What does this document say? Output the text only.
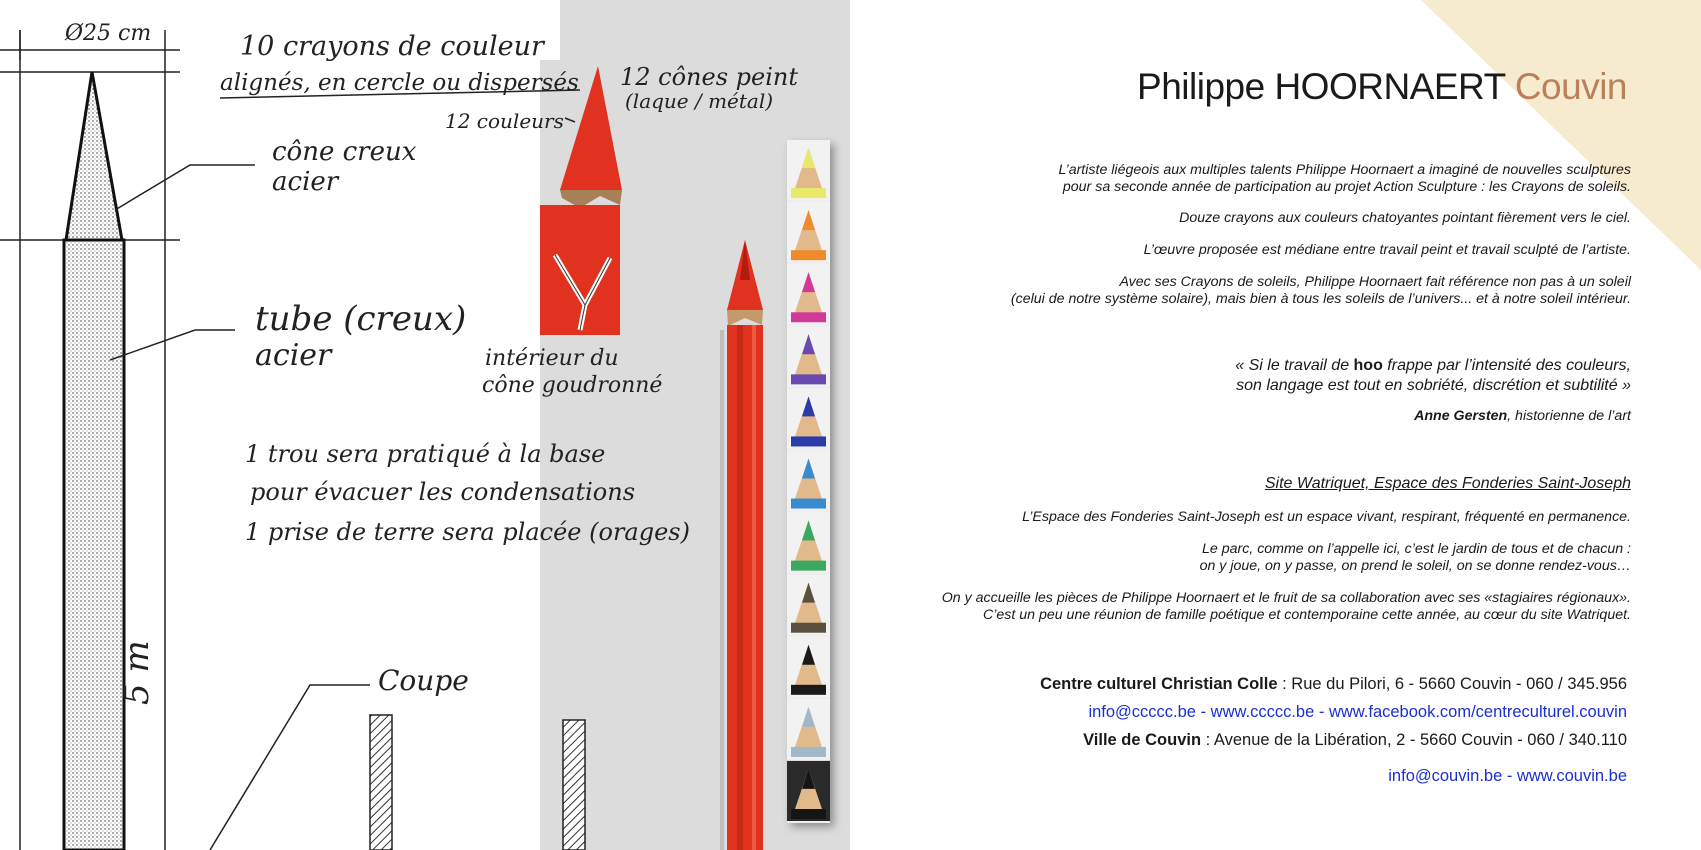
Ø25 cm	10 crayons de couleur
alignés, en cercle ou dispersés
12 couleurs
12 cônes peint
(laque / métal)
cône creux
acier
tube (creux)
acier	intérieur du
cône goudronné
1 trou sera pratiqué à la base
pour évacuer les condensations
1 prise de terre sera placée (orages)
5 m	Coupe
Philippe HOORNAERT Couvin
L’artiste liégeois aux multiples talents Philippe Hoornaert a imaginé de nouvelles sculptures
pour sa seconde année de participation au projet Action Sculpture : les Crayons de soleils.
Douze crayons aux couleurs chatoyantes pointant fièrement vers le ciel.
L’œuvre proposée est médiane entre travail peint et travail sculpté de l’artiste.
Avec ses Crayons de soleils, Philippe Hoornaert fait référence non pas à un soleil
(celui de notre système solaire), mais bien à tous les soleils de l’univers... et à notre soleil intérieur.
« Si le travail de hoo frappe par l’intensité des couleurs,
son langage est tout en sobriété, discrétion et subtilité »
Anne Gersten, historienne de l’art
Site Watriquet, Espace des Fonderies Saint-Joseph
L’Espace des Fonderies Saint-Joseph est un espace vivant, respirant, fréquenté en permanence.
Le parc, comme on l’appelle ici, c’est le jardin de tous et de chacun :
on y joue, on y passe, on prend le soleil, on se donne rendez-vous…
On y accueille les pièces de Philippe Hoornaert et le fruit de sa collaboration avec ses «stagiaires régionaux».
C’est un peu une réunion de famille poétique et contemporaine cette année, au cœur du site Watriquet.
Centre culturel Christian Colle : Rue du Pilori, 6 - 5660 Couvin - 060 / 345.956
info@ccccc.be - www.ccccc.be - www.facebook.com/centreculturel.couvin
Ville de Couvin : Avenue de la Libération, 2 - 5660 Couvin - 060 / 340.110
info@couvin.be - www.couvin.be
